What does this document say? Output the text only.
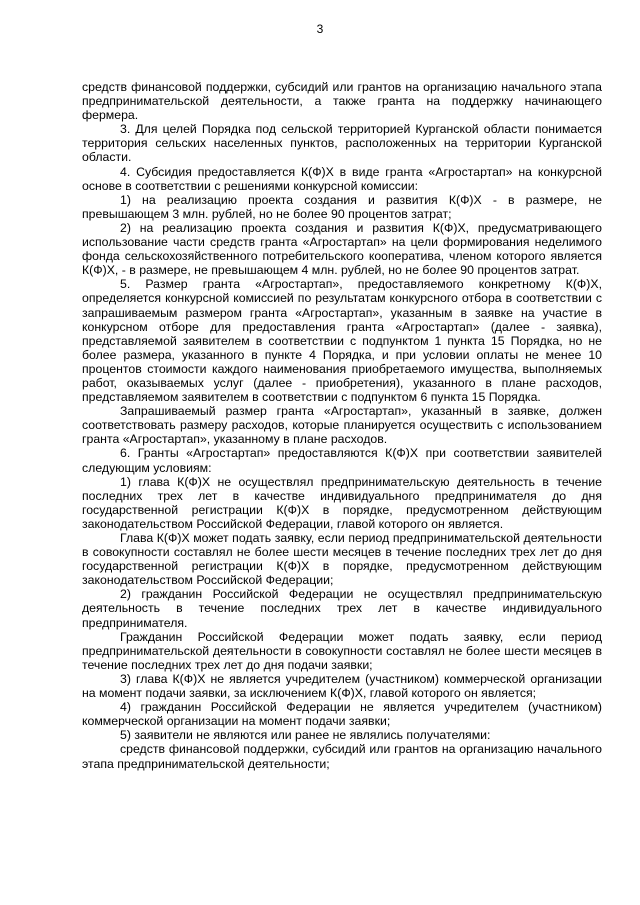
3

средств финансовой поддержки, субсидий или грантов на организацию начального этапа предпринимательской деятельности, а также гранта на поддержку начинающего фермера.

3. Для целей Порядка под сельской территорией Курганской области понимается территория сельских населенных пунктов, расположенных на территории Курганской области.

4. Субсидия предоставляется К(Ф)Х в виде гранта «Агростартап» на конкурсной основе в соответствии с решениями конкурсной комиссии:

1) на реализацию проекта создания и развития К(Ф)Х - в размере, не превышающем 3 млн. рублей, но не более 90 процентов затрат;

2) на реализацию проекта создания и развития К(Ф)Х, предусматривающего использование части средств гранта «Агростартап» на цели формирования неделимого фонда сельскохозяйственного потребительского кооператива, членом которого является К(Ф)Х, - в размере, не превышающем 4 млн. рублей, но не более 90 процентов затрат.

5. Размер гранта «Агростартап», предоставляемого конкретному К(Ф)Х, определяется конкурсной комиссией по результатам конкурсного отбора в соответствии с запрашиваемым размером гранта «Агростартап», указанным в заявке на участие в конкурсном отборе для предоставления гранта «Агростартап» (далее - заявка), представляемой заявителем в соответствии с подпунктом 1 пункта 15 Порядка, но не более размера, указанного в пункте 4 Порядка, и при условии оплаты не менее 10 процентов стоимости каждого наименования приобретаемого имущества, выполняемых работ, оказываемых услуг (далее - приобретения), указанного в плане расходов, представляемом заявителем в соответствии с подпунктом 6 пункта 15 Порядка.

Запрашиваемый размер гранта «Агростартап», указанный в заявке, должен соответствовать размеру расходов, которые планируется осуществить с использованием гранта «Агростартап», указанному в плане расходов.

6. Гранты «Агростартап» предоставляются К(Ф)Х при соответствии заявителей следующим условиям:

1) глава К(Ф)Х не осуществлял предпринимательскую деятельность в течение последних трех лет в качестве индивидуального предпринимателя до дня государственной регистрации К(Ф)Х в порядке, предусмотренном действующим законодательством Российской Федерации, главой которого он является.

Глава К(Ф)Х может подать заявку, если период предпринимательской деятельности в совокупности составлял не более шести месяцев в течение последних трех лет до дня государственной регистрации К(Ф)Х в порядке, предусмотренном действующим законодательством Российской Федерации;

2) гражданин Российской Федерации не осуществлял предпринимательскую деятельность в течение последних трех лет в качестве индивидуального предпринимателя.

Гражданин Российской Федерации может подать заявку, если период предпринимательской деятельности в совокупности составлял не более шести месяцев в течение последних трех лет до дня подачи заявки;

3) глава К(Ф)Х не является учредителем (участником) коммерческой организации на момент подачи заявки, за исключением К(Ф)Х, главой которого он является;

4) гражданин Российской Федерации не является учредителем (участником) коммерческой организации на момент подачи заявки;

5) заявители не являются или ранее не являлись получателями:

средств финансовой поддержки, субсидий или грантов на организацию начального этапа предпринимательской деятельности;
